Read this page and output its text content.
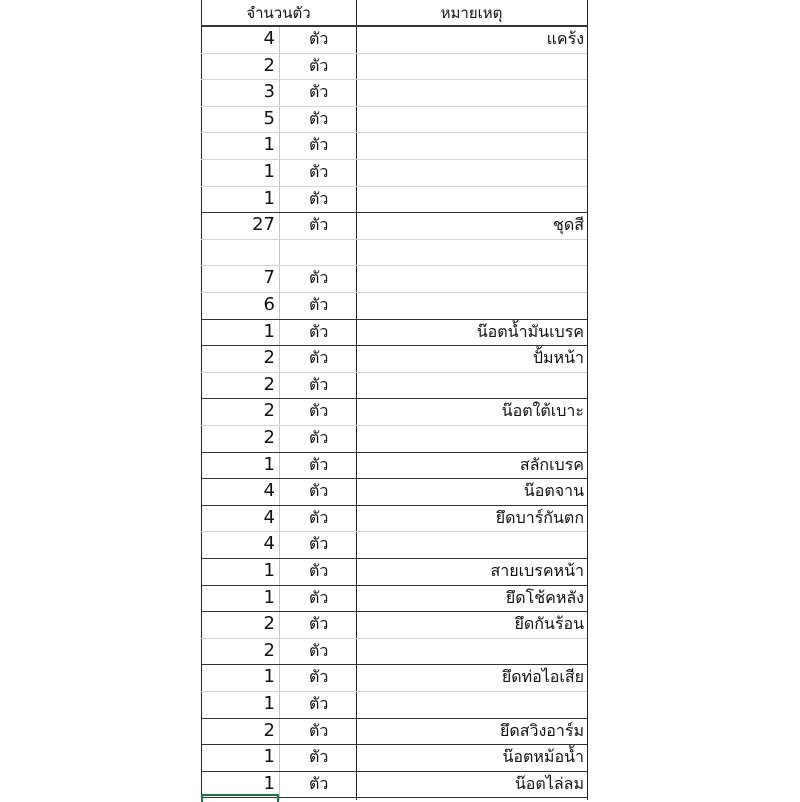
จำนวนตัว	หมายเหตุ
4 ตัว	แคร้ง
2 ตัว
3 ตัว
5 ตัว
1 ตัว
1 ตัว
1 ตัว
27 ตัว	ชุดสี
7 ตัว
6 ตัว
1 ตัว	น๊อตน้ำมันเบรค
2 ตัว	ปั้มหน้า
2 ตัว
2 ตัว	น๊อตใต้เบาะ
2 ตัว
1 ตัว	สลักเบรค
4 ตัว	น๊อตจาน
4 ตัว	ยึดบาร์กันตก
4 ตัว
1 ตัว	สายเบรคหน้า
1 ตัว	ยึดโช้คหลัง
2 ตัว	ยึดกันร้อน
2 ตัว
1 ตัว	ยึดท่อไอเสีย
1 ตัว
2 ตัว	ยึดสวิงอาร์ม
1 ตัว	น๊อตหม้อน้ำ
1 ตัว	น๊อตไล่ลม
